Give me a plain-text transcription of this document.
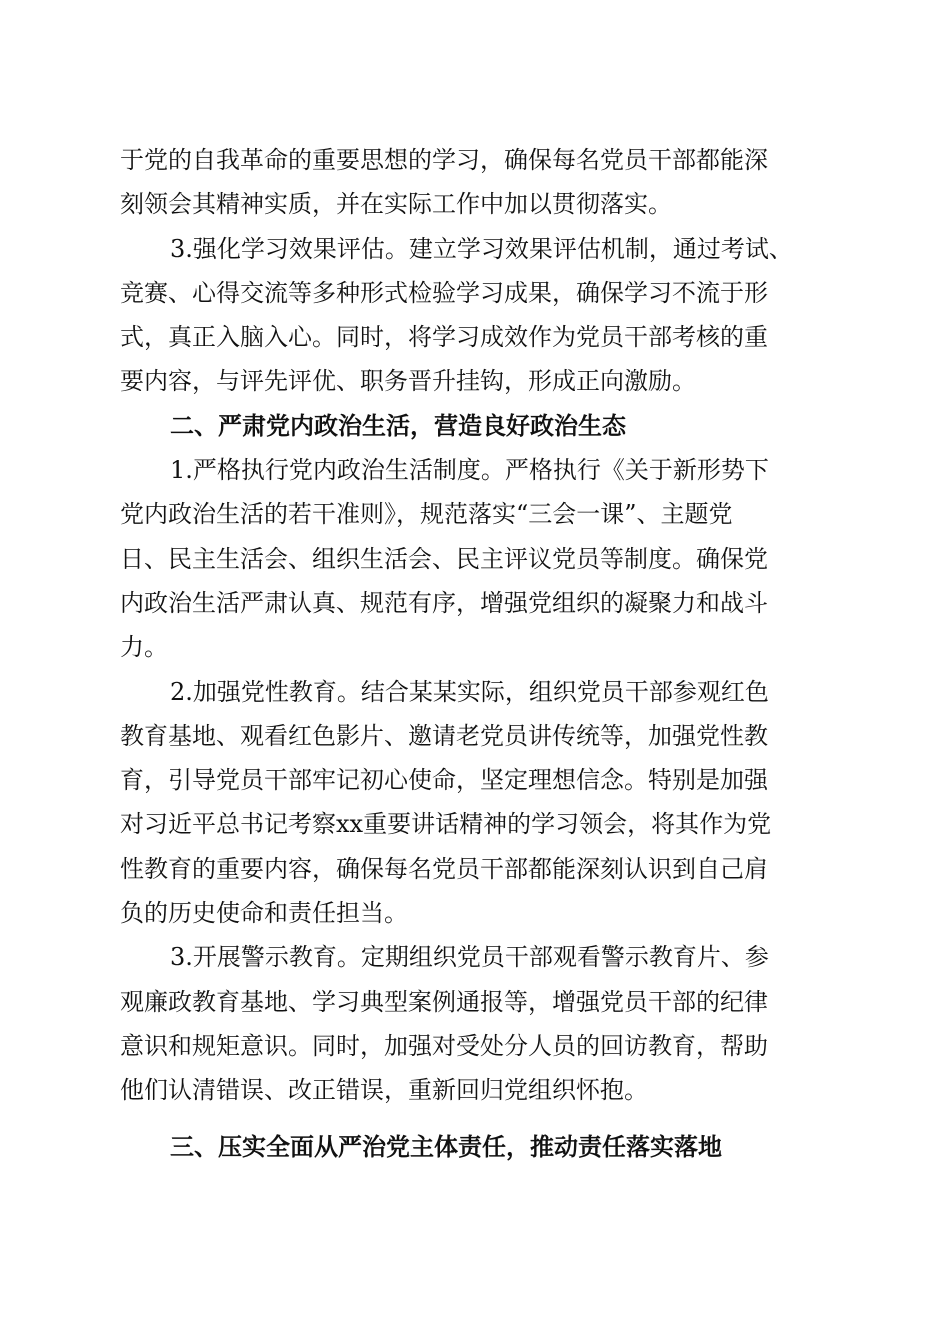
于党的自我革命的重要思想的学习，确保每名党员干部都能深
刻领会其精神实质，并在实际工作中加以贯彻落实。
3.强化学习效果评估。建立学习效果评估机制，通过考试、
竞赛、心得交流等多种形式检验学习成果，确保学习不流于形
式，真正入脑入心。同时，将学习成效作为党员干部考核的重
要内容，与评先评优、职务晋升挂钩，形成正向激励。
二、严肃党内政治生活，营造良好政治生态
1.严格执行党内政治生活制度。严格执行《关于新形势下
党内政治生活的若干准则》，规范落实“三会一课”、主题党
日、民主生活会、组织生活会、民主评议党员等制度。确保党
内政治生活严肃认真、规范有序，增强党组织的凝聚力和战斗
力。
2.加强党性教育。结合某某实际，组织党员干部参观红色
教育基地、观看红色影片、邀请老党员讲传统等，加强党性教
育，引导党员干部牢记初心使命，坚定理想信念。特别是加强
对习近平总书记考察xx重要讲话精神的学习领会，将其作为党
性教育的重要内容，确保每名党员干部都能深刻认识到自己肩
负的历史使命和责任担当。
3.开展警示教育。定期组织党员干部观看警示教育片、参
观廉政教育基地、学习典型案例通报等，增强党员干部的纪律
意识和规矩意识。同时，加强对受处分人员的回访教育，帮助
他们认清错误、改正错误，重新回归党组织怀抱。
三、压实全面从严治党主体责任，推动责任落实落地
